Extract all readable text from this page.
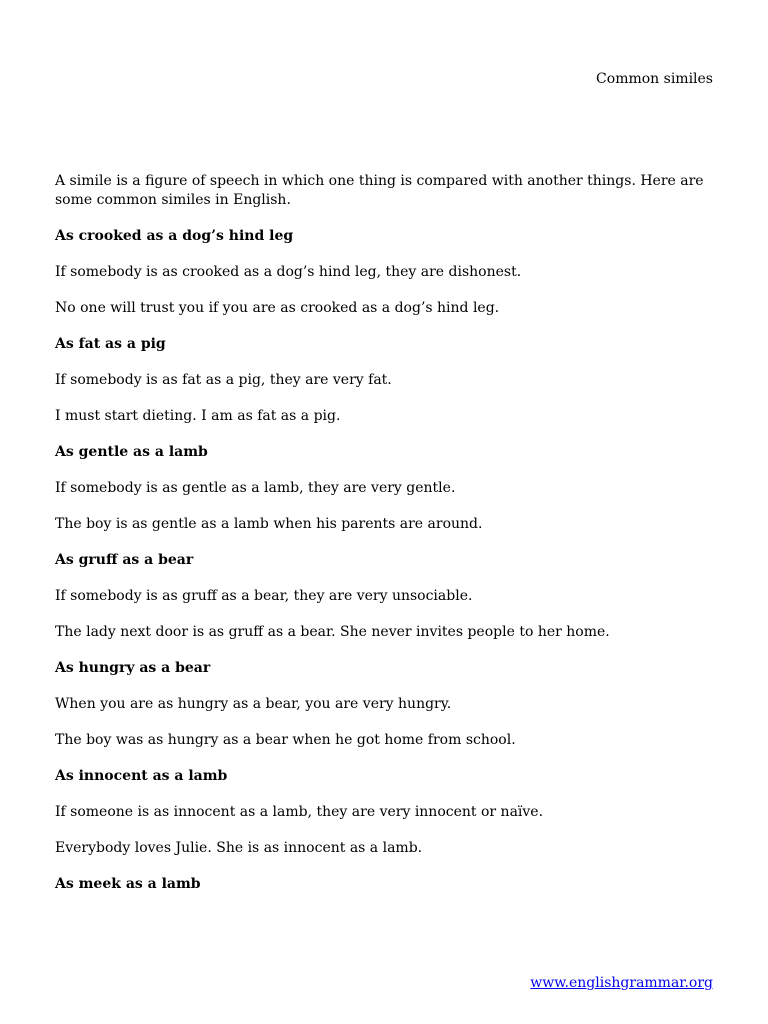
Common similes

A simile is a figure of speech in which one thing is compared with another things. Here are some common similes in English.

As crooked as a dog’s hind leg

If somebody is as crooked as a dog’s hind leg, they are dishonest.

No one will trust you if you are as crooked as a dog’s hind leg.

As fat as a pig

If somebody is as fat as a pig, they are very fat.

I must start dieting. I am as fat as a pig.

As gentle as a lamb

If somebody is as gentle as a lamb, they are very gentle.

The boy is as gentle as a lamb when his parents are around.

As gruff as a bear

If somebody is as gruff as a bear, they are very unsociable.

The lady next door is as gruff as a bear. She never invites people to her home.

As hungry as a bear

When you are as hungry as a bear, you are very hungry.

The boy was as hungry as a bear when he got home from school.

As innocent as a lamb

If someone is as innocent as a lamb, they are very innocent or naïve.

Everybody loves Julie. She is as innocent as a lamb.

As meek as a lamb

www.englishgrammar.org
